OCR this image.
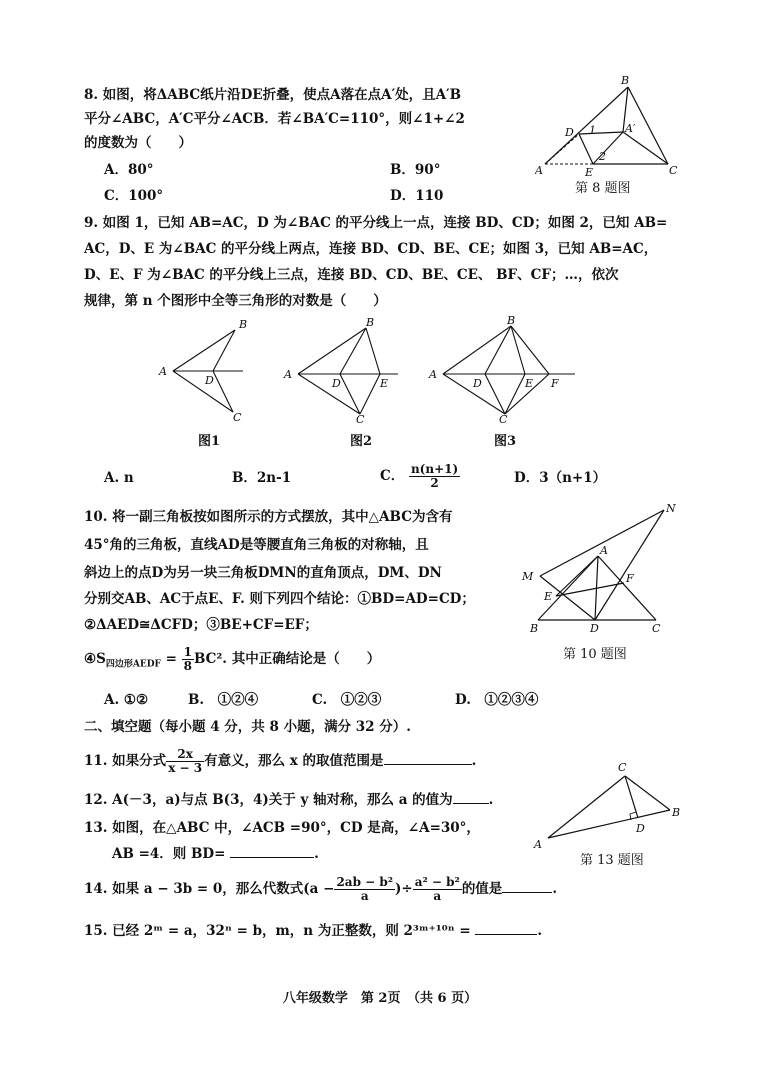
8. 如图，将ΔABC纸片沿DE折叠，使点A落在点A′处，且A′B
平分∠ABC，A′C平分∠ACB．若∠BA′C=110°，则∠1+∠2
的度数为（　　）
A．80°	B．90°
C．100°	D．110
B
D 1
2
A′
A	E	C
第 8 题图
9. 如图 1，已知 AB=AC，D 为∠BAC 的平分线上一点，连接 BD、CD；如图 2，已知 AB=
AC，D、E 为∠BAC 的平分线上两点，连接 BD、CD、BE、CE；如图 3，已知 AB=AC，
D、E、F 为∠BAC 的平分线上三点，连接 BD、CD、BE、CE、 BF、CF；…，依次
规律，第 n 个图形中全等三角形的对数是（　　）
B
A
D
C
图1
B
A
D	E
C
图2
B
A
D	E F
C
图3
A. n	B．2n-1	C． $\frac{n(n+1)}{2}$	D．3（n+1）
10. 将一副三角板按如图所示的方式摆放，其中△ABC为含有
45°角的三角板，直线AD是等腰直角三角板的对称轴，且
斜边上的点D为另一块三角板DMN的直角顶点，DM、DN
分别交AB、AC于点E、F. 则下列四个结论：①BD=AD=CD；
②ΔAED≅ΔCFD；③BE+CF=EF；
$④S_{四边形AEDF} = \frac{1}{8} BC^2$. 其中正确结论是（　　）
N
A
M	F
E
B	D	C
第 10 题图
A. ①②	B.　①②④	C.　①②③	D.　①②③④
二、填空题（每小题 4 分，共 8 小题，满分 32 分）.
11. 如果分式 $\frac{2x}{x - 3}$ 有意义，那么 x 的取值范围是	.
12. A(－3，a)与点 B(3，4)关于 y 轴对称，那么 a 的值为	.
13. 如图，在△ABC 中，∠ACB =90°，CD 是高，∠A=30°，
AB =4．则 BD=	.
C
B
D
A
第 13 题图
14. 如果 a − 3b = 0，那么代数式($a - \frac{\text{2ab − b²}}{a}$ )÷ $\frac{\text{a² − b²}}{a}$ 的值是	.
15. 已经 2ᵐ = a，32ⁿ = b，m，n 为正整数，则 2³ᵐ⁺¹⁰ⁿ =	.
八年级数学　第 2页　（共 6 页）
